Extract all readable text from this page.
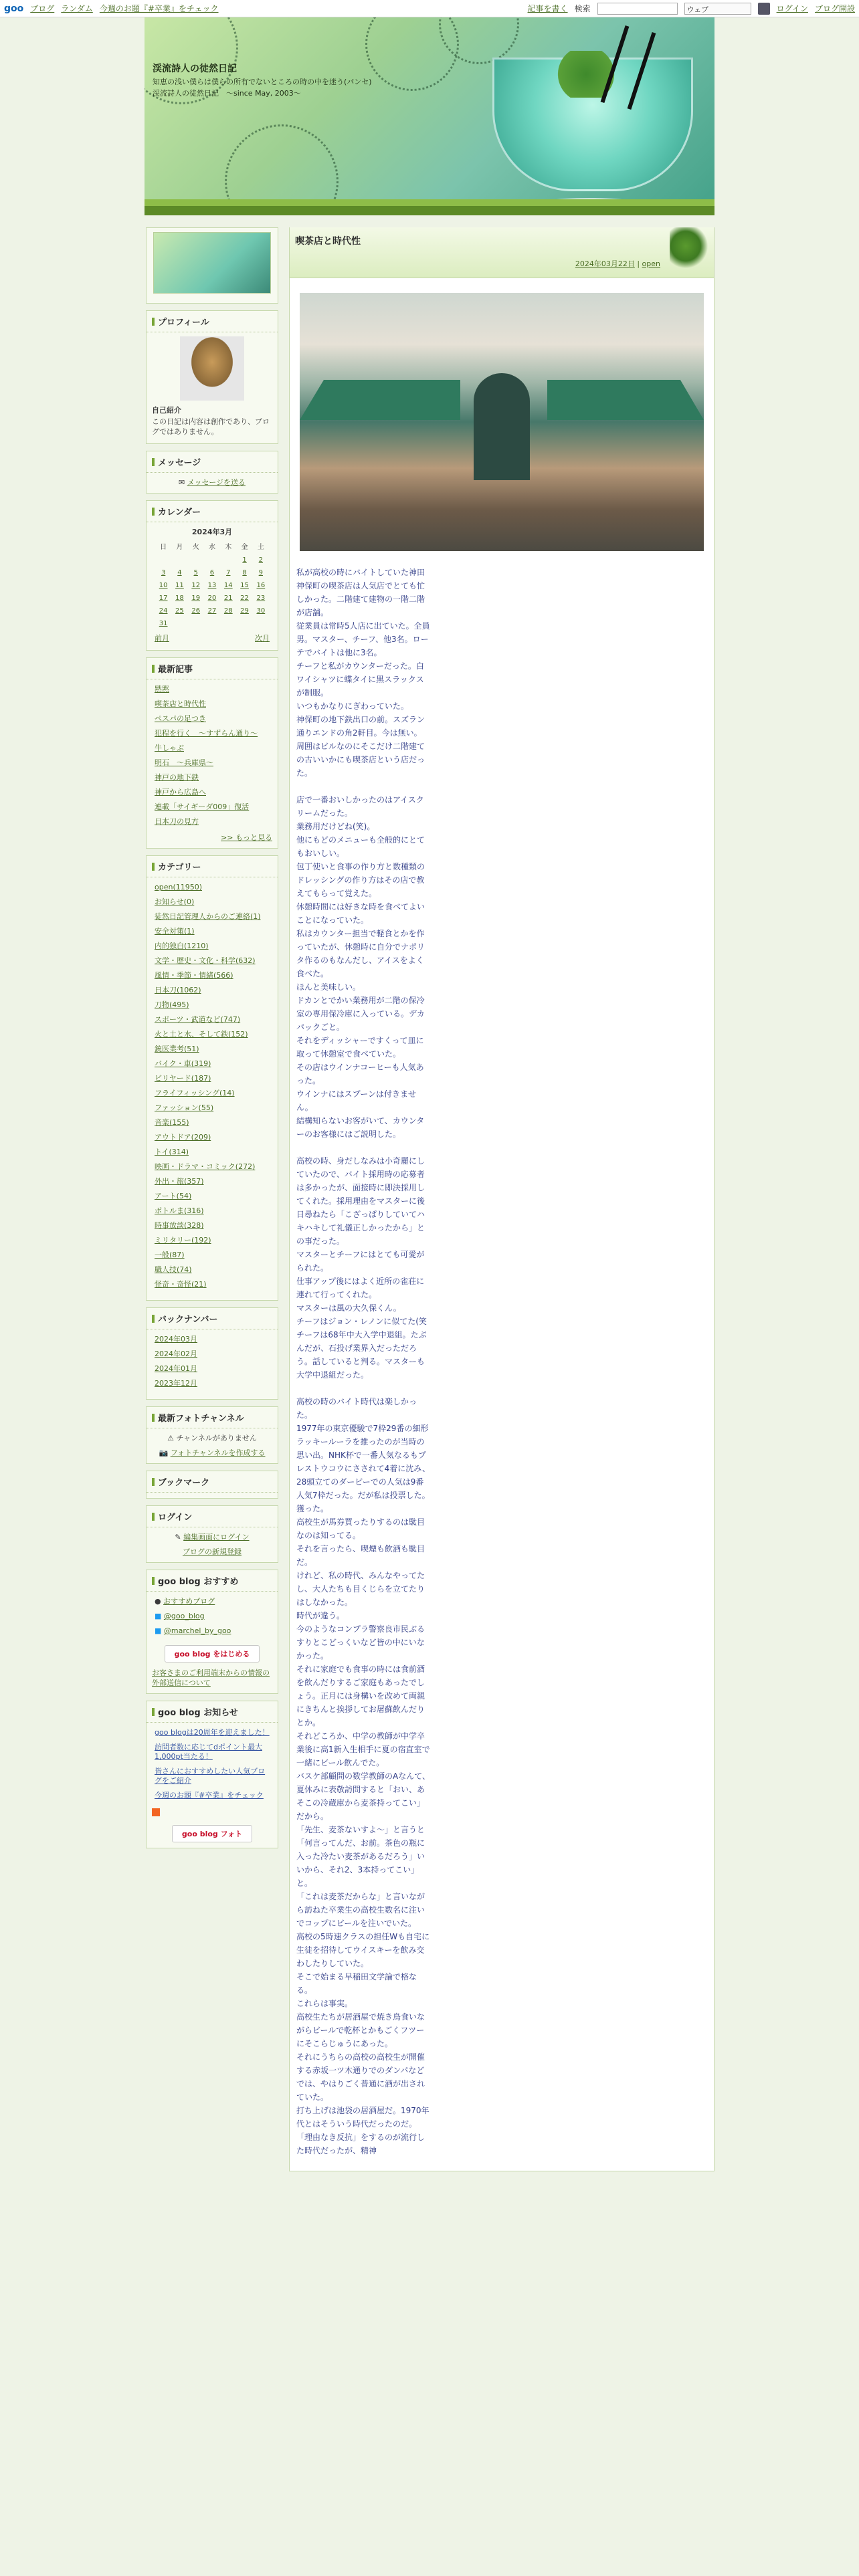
goo ブログ ランダム 今週のお題『#卒業』をチェック	記事を書く 検索	ウェブ	ログイン ブログ開設
渓流詩人の徒然日記
知恵の浅い僕らは僕らの所有でないところの時の中を迷う(パンセ)　渓流詩人の徒然日記　～since May, 2003～
プロフィール
自己紹介
この日記は内容は創作であり、ブログではありません。
メッセージ
✉ メッセージを送る
カレンダー
2024年3月
日	月	火	水	木	金	土
					1	2
3	4	5	6	7	8	9
10	11	12	13	14	15	16
17	18	19	20	21	22	23
24	25	26	27	28	29	30
31						
前月	次月
最新記事
黙黙
喫茶店と時代性
ペスパの足つき
犯程を行く　～すずらん通り～
牛しゃぶ
明石　～兵庫県～
神戸の地下鉄
神戸から広島へ
連載「サイギーダ009」復活
日本刀の見方
>> もっと見る
カテゴリー
open(11950)
お知らせ(0)
徒然日記管理人からのご連絡(1)
安全対策(1)
内的独白(1210)
文学・歴史・文化・科学(632)
風情・季節・情緒(566)
日本刀(1062)
刀物(495)
スポーツ・武道など(747)
火と土と水、そして鉄(152)
銃医業考(51)
バイク・車(319)
ビリヤード(187)
フライフィッシング(14)
ファッション(55)
音楽(155)
アウトドア(209)
トイ(314)
映画・ドラマ・コミック(272)
外出・旅(357)
アート(54)
ボトルま(316)
時事放談(328)
ミリタリー(192)
一般(87)
職人技(74)
怪奇・奇怪(21)
バックナンバー
2024年03月
2024年02月
2024年01月
2023年12月
最新フォトチャンネル
⚠ チャンネルがありません
📷 フォトチャンネルを作成する
ブックマーク
ログイン
✎ 編集画面にログイン
ブログの新規登録
goo blog おすすめ
● おすすめブログ
■ @goo_blog
■ @marchel_by_goo
goo blog をはじめる
お客さまのご利用端末からの情報の外部送信について
goo blog お知らせ
goo blogは20周年を迎えました！
訪問者数に応じてdポイント最大1,000pt当たる！
皆さんにおすすめしたい人気ブログをご紹介
今週のお題『#卒業』をチェック
goo blog フォト
喫茶店と時代性
2024年03月22日 | open

私が高校の時にバイトしていた神田神保町の喫茶店は人気店でとても忙しかった。二階建て建物の一階二階が店舗。
従業員は常時5人店に出ていた。全員男。マスター、チーフ、他3名。ローテでバイトは他に3名。
チーフと私がカウンターだった。白ワイシャツに蝶タイに黒スラックスが制服。
いつもかなりにぎわっていた。
神保町の地下鉄出口の前。スズラン通りエンドの角2軒目。今は無い。
周囲はビルなのにそこだけ二階建ての古いいかにも喫茶店という店だった。

店で一番おいしかったのはアイスクリームだった。
業務用だけどね(笑)。
他にもどのメニューも全般的にとてもおいしい。
包丁使いと食事の作り方と数種類のドレッシングの作り方はその店で教えてもらって覚えた。
休憩時間には好きな時を食べてよいことになっていた。
私はカウンター担当で軽食とかを作っていたが、休憩時に自分でナポリタ作るのもなんだし、アイスをよく食べた。
ほんと美味しい。
ドカンとでかい業務用が二階の保冷室の専用保冷庫に入っている。デカパックごと。
それをディッシャーですくって皿に取って休憩室で食べていた。
その店はウインナコーヒーも人気あった。
ウインナにはスプーンは付きません。
結構知らないお客がいて、カウンターのお客様にはご説明した。

高校の時、身だしなみは小奇麗にしていたので、バイト採用時の応募者は多かったが、面接時に即決採用してくれた。採用理由をマスターに後日尋ねたら「こざっぱりしていてハキハキして礼儀正しかったから」との事だった。
マスターとチーフにはとても可愛がられた。
仕事アップ後にはよく近所の雀荘に連れて行ってくれた。
マスターは風の大久保くん。
チーフはジョン・レノンに似てた(笑
チーフは68年中大入学中退組。たぶんだが、石投げ業界入だっただろう。話していると判る。マスターも大学中退組だった。

高校の時のバイト時代は楽しかった。
1977年の東京優駿で7枠29番の細形ラッキールーラを推ったのが当時の思い出。NHK杯で一番人気なるもプレストウコウにさされて4着に沈み、28頭立てのダービーでの人気は9番人気7枠だった。だが私は投票した。獲った。
高校生が馬券買ったりするのは駄目なのは知ってる。
それを言ったら、喫煙も飲酒も駄目だ。
けれど、私の時代、みんなやってたし、大人たちも目くじらを立てたりはしなかった。
時代が違う。
今のようなコンプラ警察良市民ぶるすりとこどっくいなど皆の中にいなかった。
それに家庭でも食事の時には食前酒を飲んだりするご家庭もあったでしょう。正月には身構いを改めて両親にきちんと挨拶してお屠蘇飲んだりとか。
それどころか、中学の教師が中学卒業後に高1新入生相手に夏の宿直室で一緒にビール飲んでた。
バスケ部顧問の数学教師のAなんて、夏休みに表敬訪問すると「おい、あそこの冷蔵庫から麦茶持ってこい」だから。
「先生、麦茶ないすよ～」と言うと「何言ってんだ、お前。茶色の瓶に入った冷たい麦茶があるだろう」いいから、それ2、3本持ってこい」と。
「これは麦茶だからな」と言いながら訪ねた卒業生の高校生数名に注いでコップにビールを注いでいた。
高校の5時速クラスの担任Wも自宅に生徒を招待してウイスキーを飲み交わしたりしていた。
そこで始まる早稲田文学論で格なる。
これらは事実。
高校生たちが居酒屋で焼き鳥食いながらビールで乾杯とかもごくフツーにそこらじゅうにあった。
それにうちらの高校の高校生が開催する赤坂一ツ木通りでのダンパなどでは、やはりごく普通に酒が出されていた。
打ち上げは池袋の居酒屋だ。1970年代とはそういう時代だったのだ。
「理由なき反抗」をするのが流行した時代だったが、精神
